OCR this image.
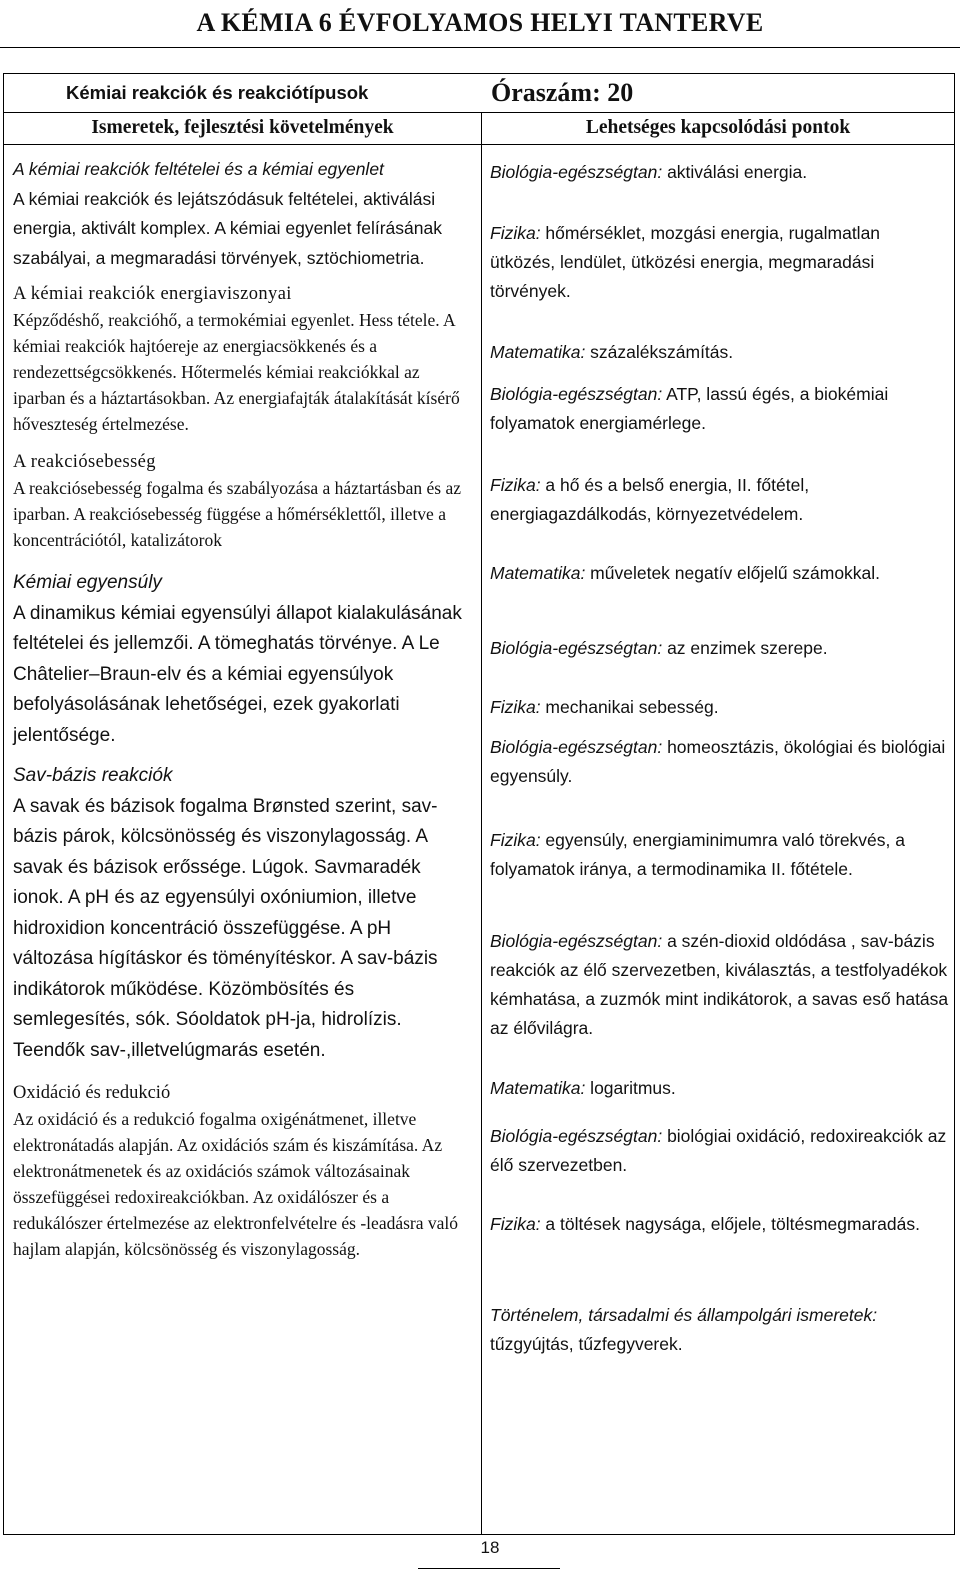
A KÉMIA 6 ÉVFOLYAMOS HELYI TANTERVE
Kémiai reakciók és reakciótípusok	Óraszám: 20
Ismeretek, fejlesztési követelmények	Lehetséges kapcsolódási pontok
A kémiai reakciók feltételei és a kémiai egyenlet
A kémiai reakciók és lejátszódásuk feltételei, aktiválási energia, aktivált komplex. A kémiai egyenlet felírásának szabályai, a megmaradási törvények, sztöchiometria.
A kémiai reakciók energiaviszonyai
Képződéshő, reakcióhő, a termokémiai egyenlet. Hess tétele. A kémiai reakciók hajtóereje az energiacsökkenés és a rendezettségcsökkenés. Hőtermelés kémiai reakciókkal az iparban és a háztartásokban. Az energiafajták átalakítását kísérő hőveszteség értelmezése.
A reakciósebesség
A reakciósebesség fogalma és szabályozása a háztartásban és az iparban. A reakciósebesség függése a hőmérséklettől, illetve a koncentrációtól, katalizátorok
Kémiai egyensúly
A dinamikus kémiai egyensúlyi állapot kialakulásának feltételei és jellemzői. A tömeghatás törvénye. A Le Châtelier–Braun-elv és a kémiai egyensúlyok befolyásolásának lehetőségei, ezek gyakorlati jelentősége.
Sav-bázis reakciók
A savak és bázisok fogalma Brønsted szerint, sav-bázis párok, kölcsönösség és viszonylagosság. A savak és bázisok erőssége. Lúgok. Savmaradék ionok. A pH és az egyensúlyi oxóniumion, illetve hidroxidion koncentráció összefüggése. A pH változása hígításkor és töményítéskor. A sav-bázis indikátorok működése. Közömbösítés és semlegesítés, sók. Sóoldatok pH-ja, hidrolízis. Teendők sav-,illetvelúgmarás esetén.
Oxidáció és redukció
Az oxidáció és a redukció fogalma oxigénátmenet, illetve elektronátadás alapján. Az oxidációs szám és kiszámítása. Az elektronátmenetek és az oxidációs számok változásainak összefüggései redoxireakciókban. Az oxidálószer és a redukálószer értelmezése az elektronfelvételre és -leadásra való hajlam alapján, kölcsönösség és viszonylagosság.
Biológia-egészségtan: aktiválási energia.
Fizika: hőmérséklet, mozgási energia, rugalmatlan ütközés, lendület, ütközési energia, megmaradási törvények.
Matematika: százalékszámítás.
Biológia-egészségtan: ATP, lassú égés, a biokémiai folyamatok energiamérlege.
Fizika: a hő és a belső energia, II. főtétel, energiagazdálkodás, környezetvédelem.
Matematika: műveletek negatív előjelű számokkal.
Biológia-egészségtan: az enzimek szerepe.
Fizika: mechanikai sebesség.
Biológia-egészségtan: homeosztázis, ökológiai és biológiai egyensúly.
Fizika: egyensúly, energiaminimumra való törekvés, a folyamatok iránya, a termodinamika II. főtétele.
Biológia-egészségtan: a szén-dioxid oldódása , sav-bázis reakciók az élő szervezetben, kiválasztás, a testfolyadékok kémhatása, a zuzmók mint indikátorok, a savas eső hatása az élővilágra.
Matematika: logaritmus.
Biológia-egészségtan: biológiai oxidáció, redoxireakciók az élő szervezetben.
Fizika: a töltések nagysága, előjele, töltésmegmaradás.
Történelem, társadalmi és állampolgári ismeretek: tűzgyújtás, tűzfegyverek.
18
